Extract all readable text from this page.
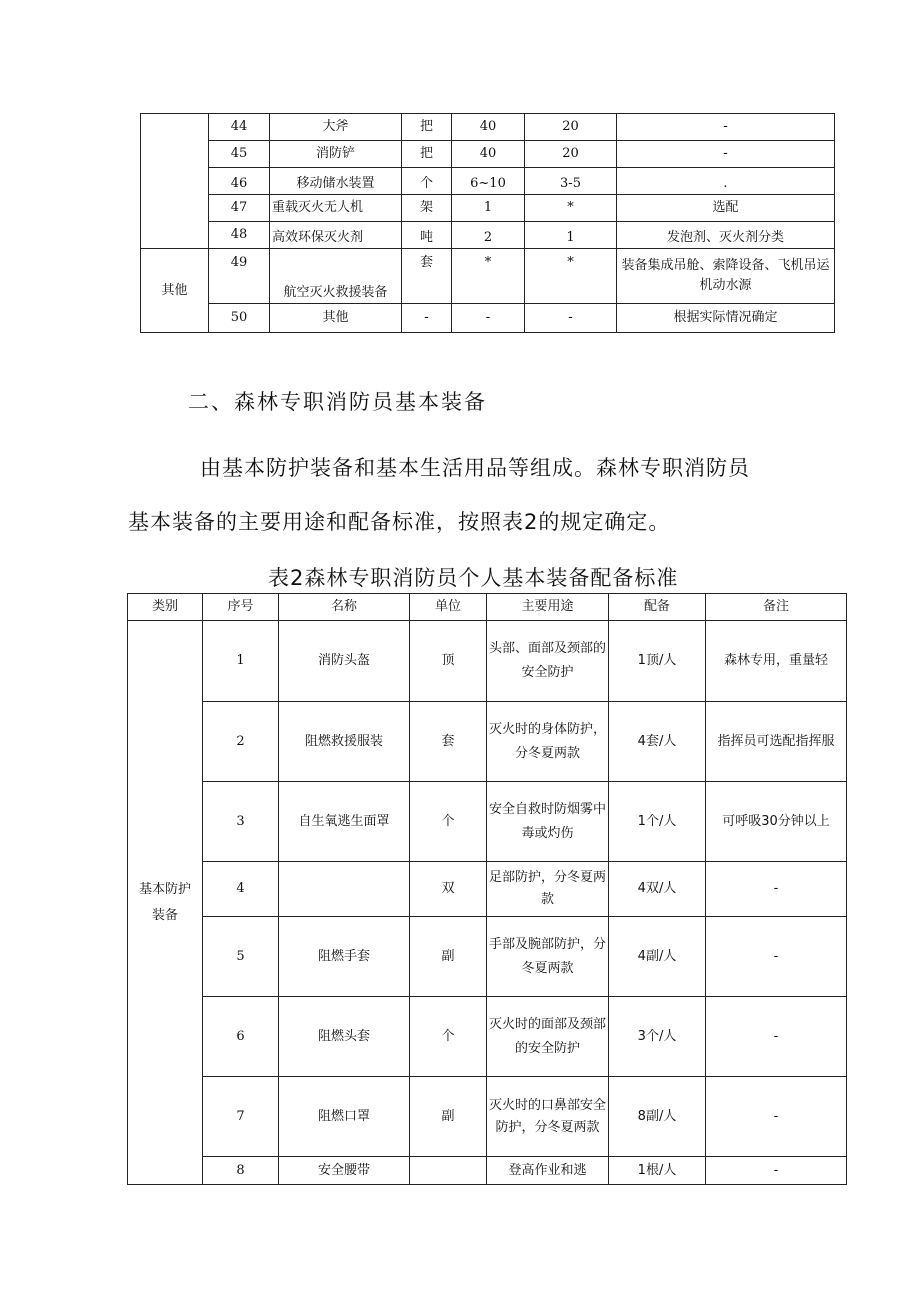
	44	大斧	把	40	20	-
	45	消防铲	把	40	20	-
	46	移动储水装置	个	6~10	3-5	.
	47	重载灭火无人机	架	1	*	选配
	48	高效环保灭火剂	吨	2	1	发泡剂、灭火剂分类
其他	49	航空灭火救援装备	套	*	*	装备集成吊舱、索降设备、飞机吊运机动水源
	50	其他	-	-	-	根据实际情况确定
二、森林专职消防员基本装备
由基本防护装备和基本生活用品等组成。森林专职消防员
基本装备的主要用途和配备标准，按照表2的规定确定。
表2森林专职消防员个人基本装备配备标准
类别	序号	名称	单位	主要用途	配备	备注

基本防护装备	1	消防头盔	顶	头部、面部及颈部的安全防护	1顶/人	森林专用，重量轻
	2	阻燃救援服装	套	灭火时的身体防护，分冬夏两款	4套/人	指挥员可选配指挥服
	3	自生氧逃生面罩	个	安全自救时防烟雾中毒或灼伤	1个/人	可呼吸30分钟以上
	4		双	足部防护，分冬夏两款	4双/人	-
	5	阻燃手套	副	手部及腕部防护，分冬夏两款	4副/人	-
	6	阻燃头套	个	灭火时的面部及颈部的安全防护	3个/人	-
	7	阻燃口罩	副	灭火时的口鼻部安全防护，分冬夏两款	8副/人	-
	8	安全腰带		登高作业和逃	1根/人	-
